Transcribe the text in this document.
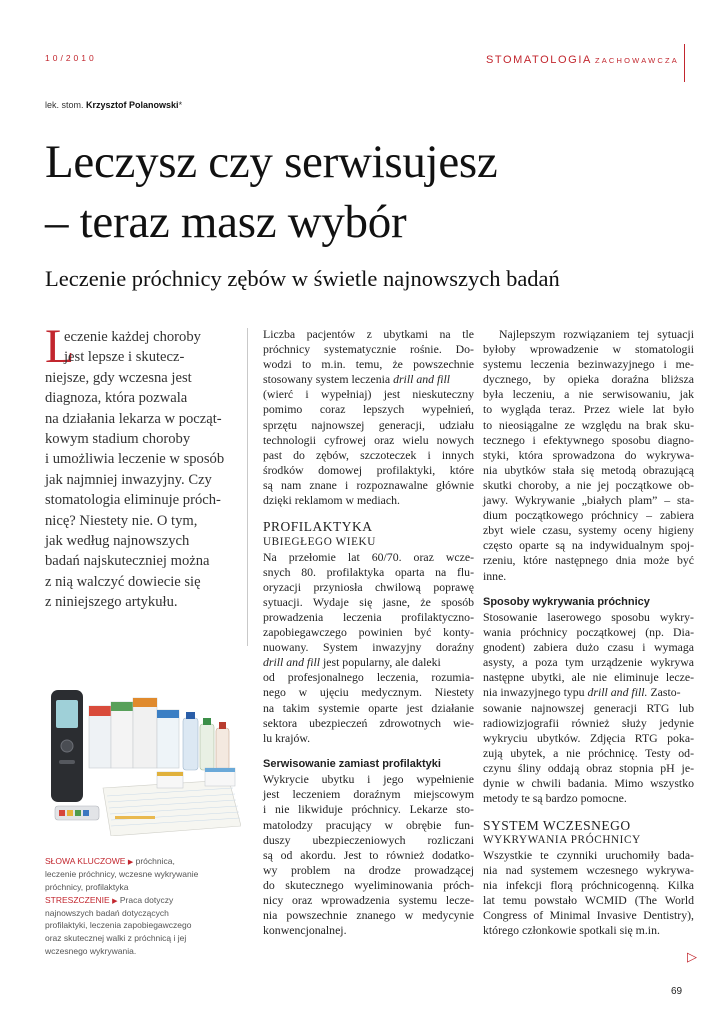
10/2010	STOMATOLOGIA ZACHOWAWCZA
lek. stom. Krzysztof Polanowski*
Leczysz czy serwisujesz
– teraz masz wybór
Leczenie próchnicy zębów w świetle najnowszych badań
L
eczenie każdej choroby
jest lepsze i skutecz-
niejsze, gdy wczesna jest
diagnoza, która pozwala
na działania lekarza w począt-
kowym stadium choroby
i umożliwia leczenie w sposób
jak najmniej inwazyjny. Czy
stomatologia eliminuje próch-
nicę? Niestety nie. O tym,
jak według najnowszych
badań najskuteczniej można
z nią walczyć dowiecie się
z niniejszego artykułu.
Liczba pacjentów z ubytkami na tle
próchnicy systematycznie rośnie. Do-
wodzi to m.in. temu, że powszechnie
stosowany system leczenia drill and fill
(wierć i wypełniaj) jest nieskuteczny
pomimo coraz lepszych wypełnień,
sprzętu najnowszej generacji, udziału
technologii cyfrowej oraz wielu nowych
past do zębów, szczoteczek i innych
środków domowej profilaktyki, które
są nam znane i rozpoznawalne głównie
dzięki reklamom w mediach.
PROFILAKTYKA
UBIEGŁEGO WIEKU
Na przełomie lat 60/70. oraz wcze-
snych 80. profilaktyka oparta na flu-
oryzacji przyniosła chwilową poprawę
sytuacji. Wydaje się jasne, że sposób
prowadzenia leczenia profilaktyczno-
zapobiegawczego powinien być konty-
nuowany. System inwazyjny doraźny
drill and fill jest popularny, ale daleki
od profesjonalnego leczenia, rozumia-
nego w ujęciu medycznym. Niestety
na takim systemie oparte jest działanie
sektora ubezpieczeń zdrowotnych wie-
lu krajów.
Serwisowanie zamiast profilaktyki
Wykrycie ubytku i jego wypełnienie
jest leczeniem doraźnym miejscowym
i nie likwiduje próchnicy. Lekarze sto-
matolodzy pracujący w obrębie fun-
duszy ubezpieczeniowych rozliczani
są od akordu. Jest to również dodatko-
wy problem na drodze prowadzącej
do skutecznego wyeliminowania próch-
nicy oraz wprowadzenia systemu lecze-
nia powszechnie znanego w medycynie
konwencjonalnej.
Najlepszym rozwiązaniem tej sytuacji
byłoby wprowadzenie w stomatologii
systemu leczenia bezinwazyjnego i me-
dycznego, by opieka doraźna bliższa
była leczeniu, a nie serwisowaniu, jak
to wygląda teraz. Przez wiele lat było
to nieosiągalne ze względu na brak sku-
tecznego i efektywnego sposobu diagno-
styki, która sprowadzona do wykrywa-
nia ubytków stała się metodą obrazującą
skutki choroby, a nie jej początkowe ob-
jawy. Wykrywanie „białych plam” – sta-
dium początkowego próchnicy – zabiera
zbyt wiele czasu, systemy oceny higieny
często oparte są na indywidualnym spoj-
rzeniu, które następnego dnia może być
inne.
Sposoby wykrywania próchnicy
Stosowanie laserowego sposobu wykry-
wania próchnicy początkowej (np. Dia-
gnodent) zabiera dużo czasu i wymaga
asysty, a poza tym urządzenie wykrywa
następne ubytki, ale nie eliminuje lecze-
nia inwazyjnego typu drill and fill. Zasto-
sowanie najnowszej generacji RTG lub
radiowizjografii również służy jedynie
wykryciu ubytków. Zdjęcia RTG poka-
zują ubytek, a nie próchnicę. Testy od-
czynu śliny oddają obraz stopnia pH je-
dynie w chwili badania. Mimo wszystko
metody te są bardzo pomocne.
SYSTEM WCZESNEGO
WYKRYWANIA PRÓCHNICY
Wszystkie te czynniki uruchomiły bada-
nia nad systemem wczesnego wykrywa-
nia infekcji florą próchnicogenną. Kilka
lat temu powstało WCMID (The World
Congress of Minimal Invasive Dentistry),
którego członkowie spotkali się m.in.
▷
SŁOWA KLUCZOWE ▶ próchnica,
leczenie próchnicy, wczesne wykrywanie
próchnicy, profilaktyka
STRESZCZENIE ▶ Praca dotyczy
najnowszych badań dotyczących
profilaktyki, leczenia zapobiegawczego
oraz skutecznej walki z próchnicą i jej
wczesnego wykrywania.
69
